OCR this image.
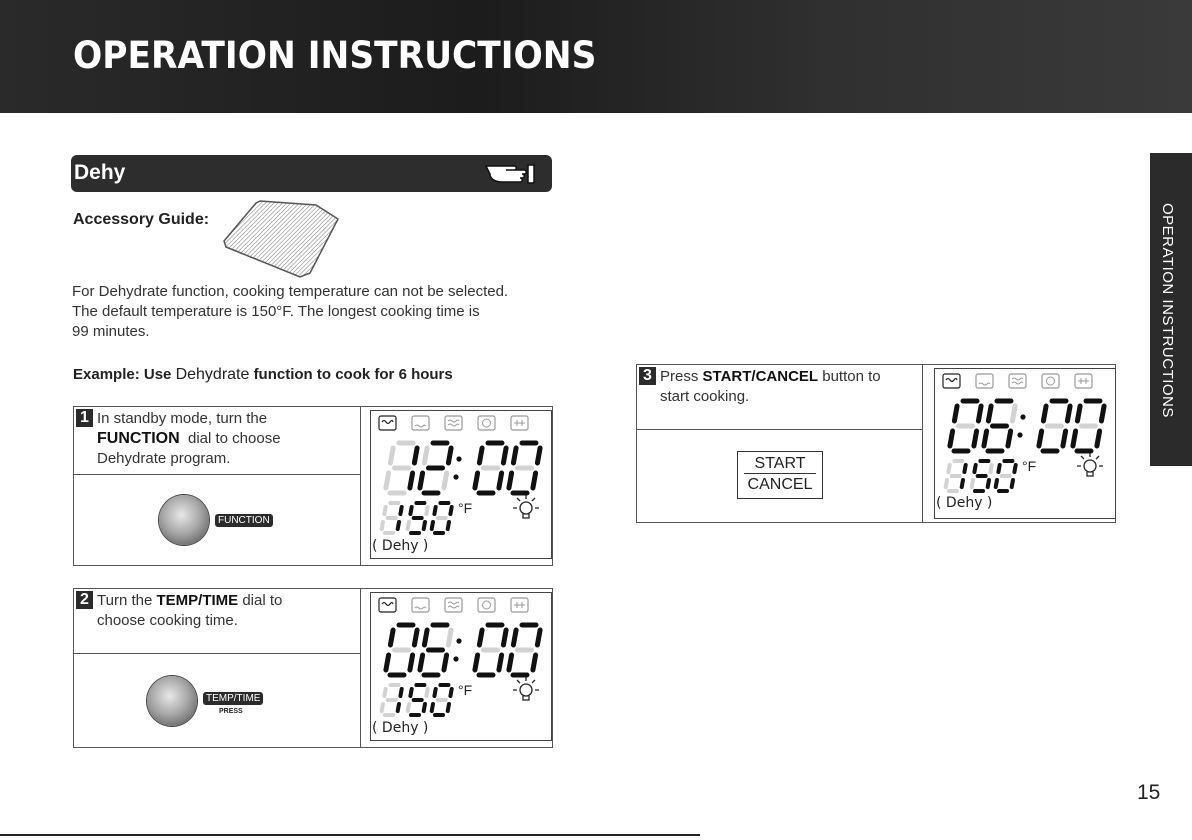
OPERATION INSTRUCTIONS
OPERATION INSTRUCTIONS
Dehy
Accessory Guide:
For Dehydrate function, cooking temperature can not be selected.
The default temperature is 150°F. The longest cooking time is
99 minutes.
Example: Use Dehydrate function to cook for 6 hours
1 In standby mode, turn the
FUNCTION  dial to choose
Dehydrate program.
FUNCTION
°F
( Dehy )
2 Turn the TEMP/TIME dial to
choose cooking time.
TEMP/TIME
PRESS
°F
( Dehy )
3 Press START/CANCEL button to
start cooking.
START
CANCEL
°F
( Dehy )
15
